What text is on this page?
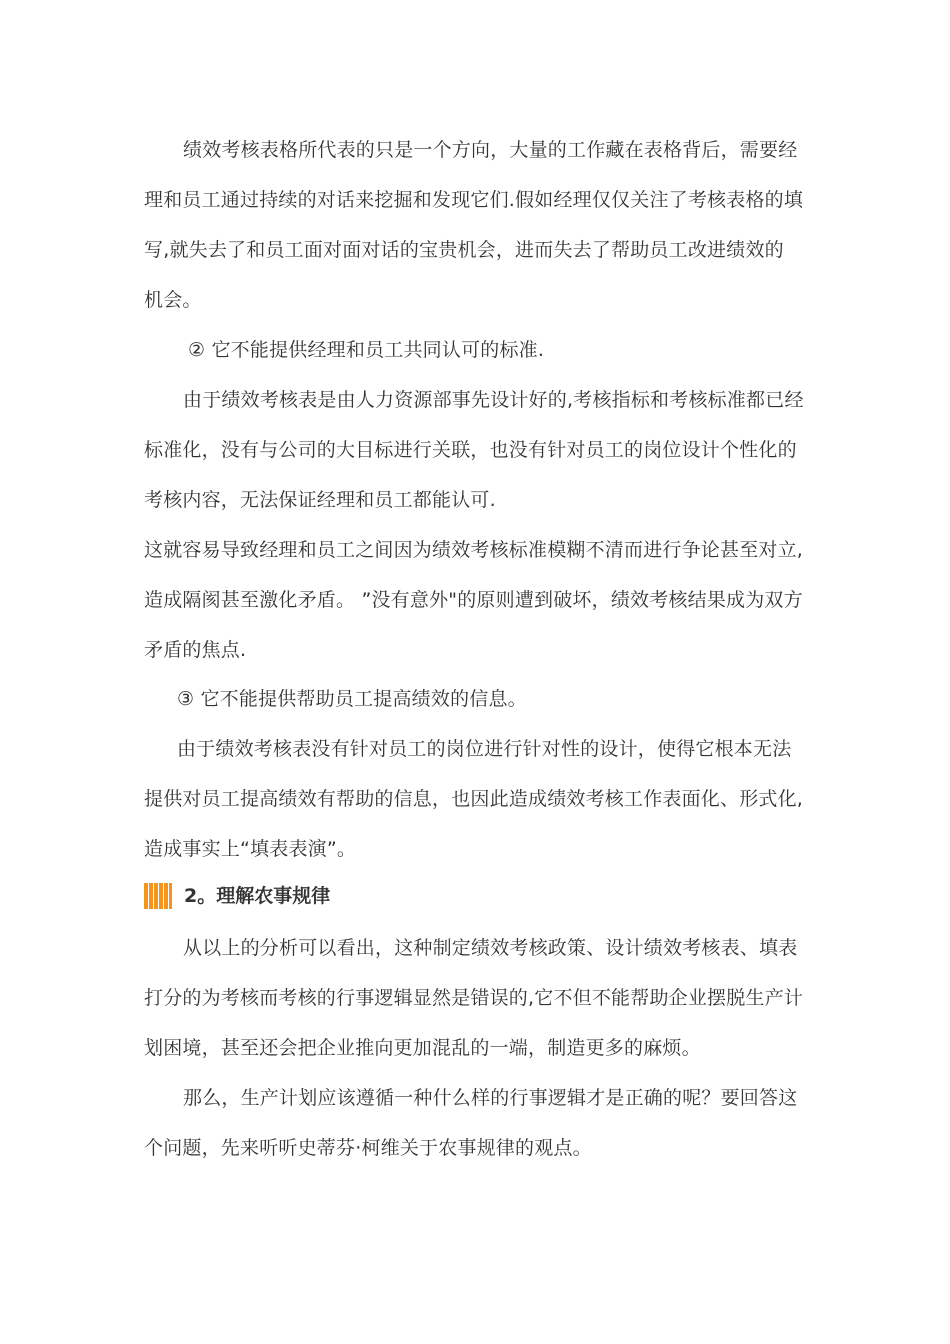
绩效考核表格所代表的只是一个方向，大量的工作藏在表格背后，需要经
理和员工通过持续的对话来挖掘和发现它们.假如经理仅仅关注了考核表格的填
写,就失去了和员工面对面对话的宝贵机会，进而失去了帮助员工改进绩效的
机会。
② 它不能提供经理和员工共同认可的标准.
由于绩效考核表是由人力资源部事先设计好的,考核指标和考核标准都已经
标准化，没有与公司的大目标进行关联，也没有针对员工的岗位设计个性化的
考核内容，无法保证经理和员工都能认可.
这就容易导致经理和员工之间因为绩效考核标准模糊不清而进行争论甚至对立,
造成隔阂甚至激化矛盾。 ”没有意外"的原则遭到破坏，绩效考核结果成为双方
矛盾的焦点.
③ 它不能提供帮助员工提高绩效的信息。
由于绩效考核表没有针对员工的岗位进行针对性的设计，使得它根本无法
提供对员工提高绩效有帮助的信息，也因此造成绩效考核工作表面化、形式化,
造成事实上“填表表演”。
2。理解农事规律
从以上的分析可以看出，这种制定绩效考核政策、设计绩效考核表、填表
打分的为考核而考核的行事逻辑显然是错误的,它不但不能帮助企业摆脱生产计
划困境，甚至还会把企业推向更加混乱的一端，制造更多的麻烦。
那么，生产计划应该遵循一种什么样的行事逻辑才是正确的呢？要回答这
个问题，先来听听史蒂芬·柯维关于农事规律的观点。
